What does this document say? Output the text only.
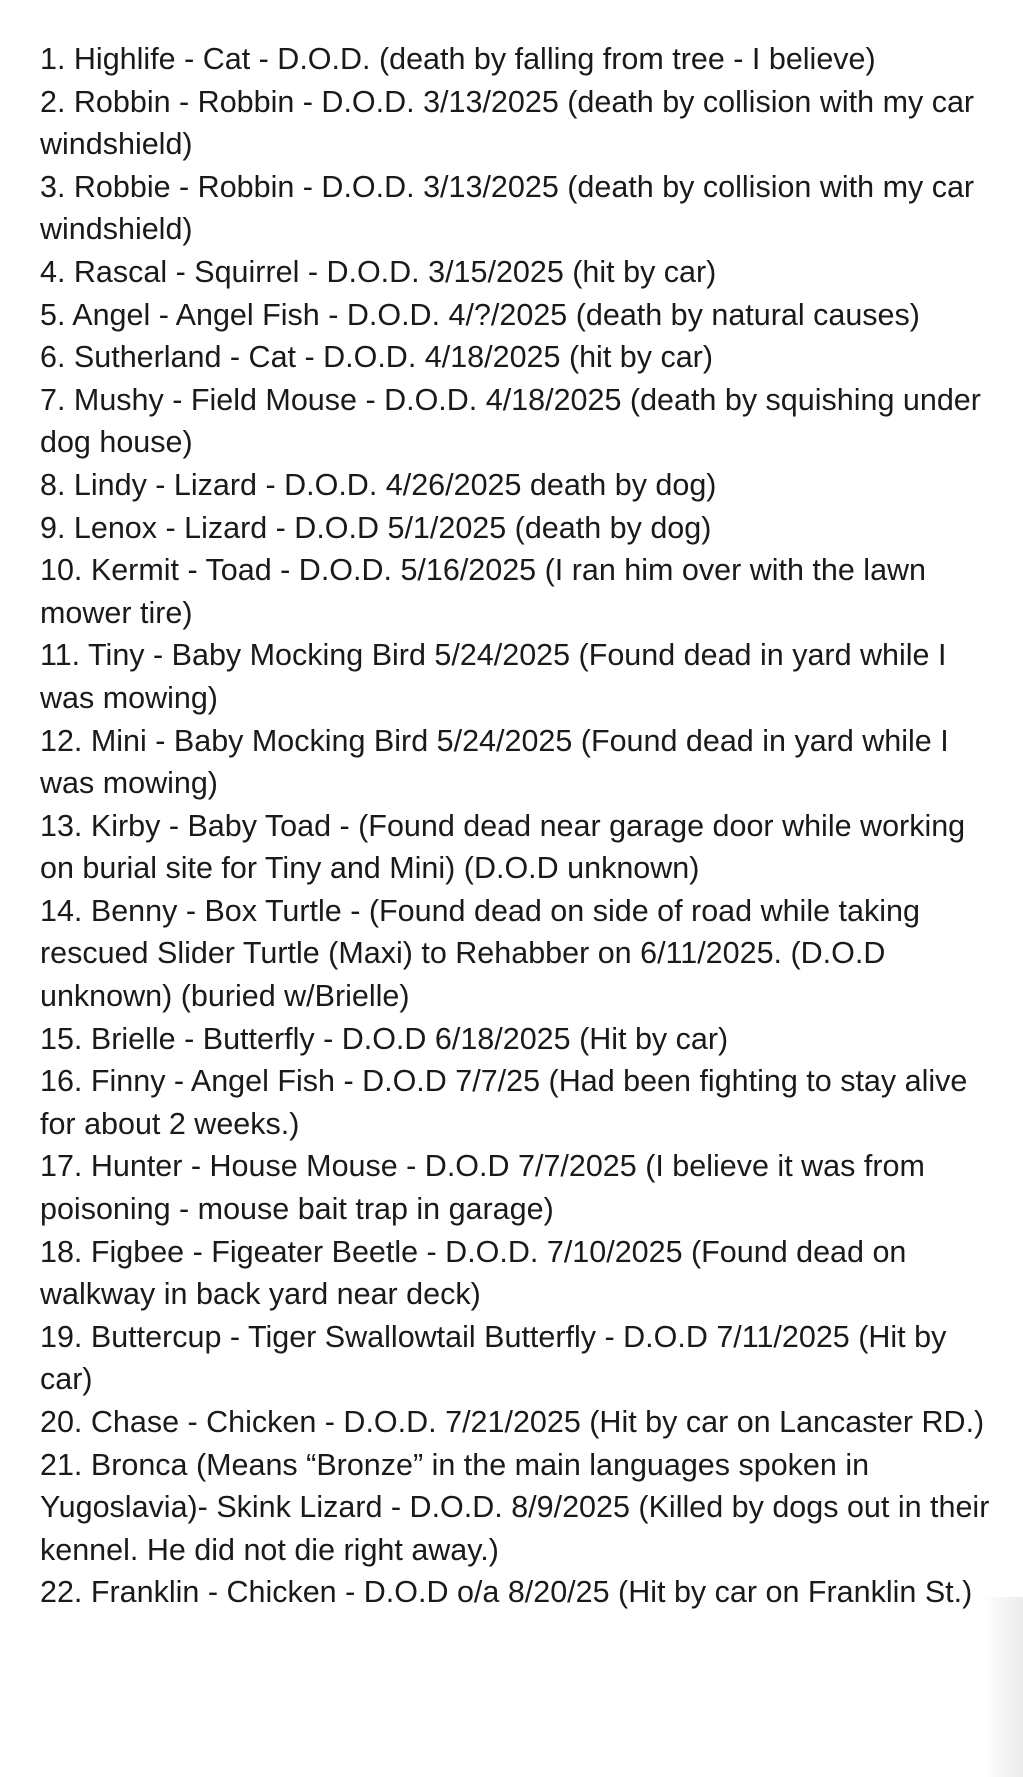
1. Highlife - Cat - D.O.D. (death by falling from tree - I believe)

2. Robbin - Robbin - D.O.D. 3/13/2025 (death by collision with my car windshield)

3. Robbie - Robbin - D.O.D. 3/13/2025 (death by collision with my car windshield)

4. Rascal - Squirrel - D.O.D. 3/15/2025 (hit by car)

5. Angel - Angel Fish - D.O.D. 4/?/2025 (death by natural causes)

6. Sutherland - Cat - D.O.D. 4/18/2025 (hit by car)

7. Mushy - Field Mouse - D.O.D. 4/18/2025 (death by squishing under dog house)

8. Lindy - Lizard - D.O.D. 4/26/2025 death by dog)

9. Lenox - Lizard - D.O.D 5/1/2025 (death by dog)

10. Kermit - Toad - D.O.D. 5/16/2025 (I ran him over with the lawn mower tire)

11. Tiny - Baby Mocking Bird 5/24/2025 (Found dead in yard while I was mowing)

12. Mini - Baby Mocking Bird 5/24/2025 (Found dead in yard while I was mowing)

13. Kirby - Baby Toad - (Found dead near garage door while working on burial site for Tiny and Mini) (D.O.D unknown)

14. Benny - Box Turtle - (Found dead on side of road while taking rescued Slider Turtle (Maxi) to Rehabber on 6/11/2025. (D.O.D unknown) (buried w/Brielle)

15. Brielle - Butterfly - D.O.D 6/18/2025 (Hit by car)

16. Finny - Angel Fish - D.O.D 7/7/25 (Had been fighting to stay alive for about 2 weeks.)

17. Hunter - House Mouse - D.O.D 7/7/2025 (I believe it was from poisoning - mouse bait trap in garage)

18. Figbee - Figeater Beetle - D.O.D. 7/10/2025 (Found dead on walkway in back yard near deck)

19. Buttercup - Tiger Swallowtail Butterfly - D.O.D 7/11/2025 (Hit by car)

20. Chase - Chicken - D.O.D. 7/21/2025 (Hit by car on Lancaster RD.)

21. Bronca (Means “Bronze” in the main languages spoken in Yugoslavia)- Skink Lizard - D.O.D. 8/9/2025 (Killed by dogs out in their kennel. He did not die right away.)

22. Franklin - Chicken - D.O.D o/a 8/20/25 (Hit by car on Franklin St.)
